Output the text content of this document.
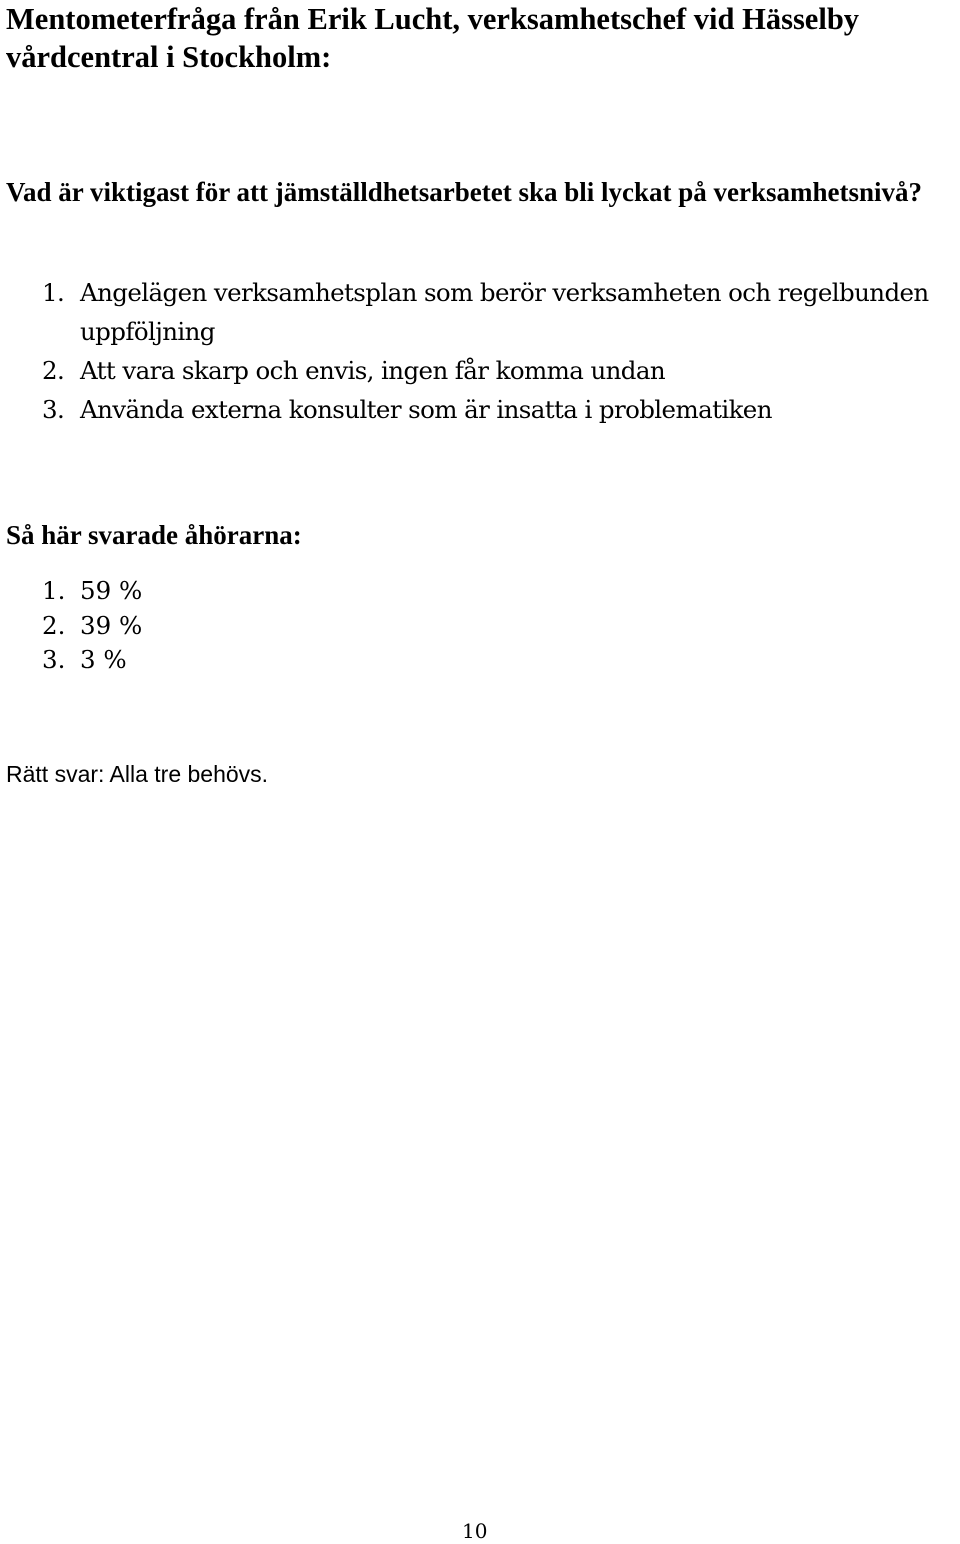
Mentometerfråga från Erik Lucht, verksamhetschef vid Hässelby vårdcentral i Stockholm:
Vad är viktigast för att jämställdhetsarbetet ska bli lyckat på verksamhetsnivå?
1. Angelägen verksamhetsplan som berör verksamheten och regelbunden uppföljning
2. Att vara skarp och envis, ingen får komma undan
3. Använda externa konsulter som är insatta i problematiken
Så här svarade åhörarna:
1. 59 %
2. 39 %
3. 3 %

Rätt svar: Alla tre behövs.

10
